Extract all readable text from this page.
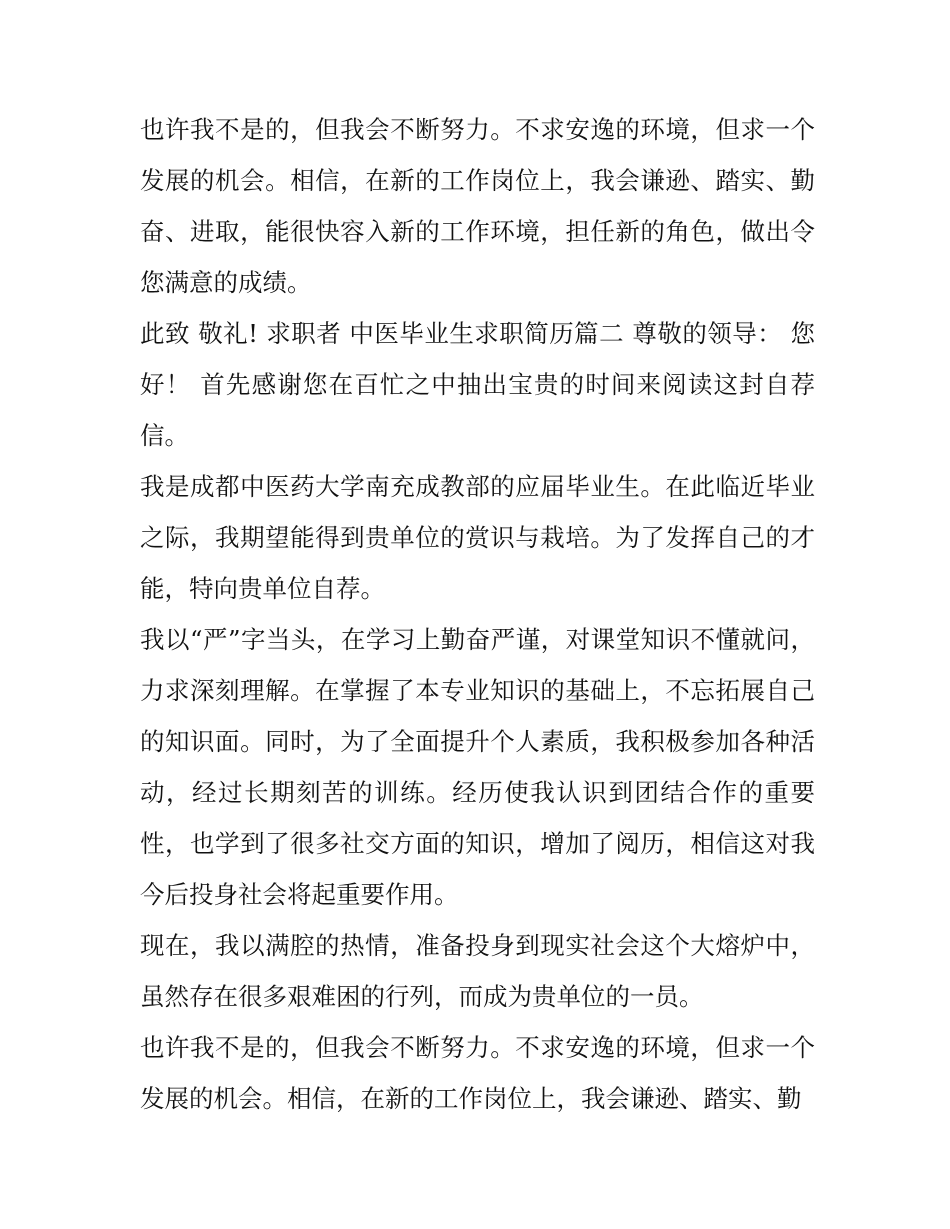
也许我不是的，但我会不断努力。不求安逸的环境，但求一个发展的机会。相信，在新的工作岗位上，我会谦逊、踏实、勤奋、进取，能很快容入新的工作环境，担任新的角色，做出令您满意的成绩。

此致 敬礼! 求职者 中医毕业生求职简历篇二 尊敬的领导： 您好！ 首先感谢您在百忙之中抽出宝贵的时间来阅读这封自荐信。

我是成都中医药大学南充成教部的应届毕业生。在此临近毕业之际，我期望能得到贵单位的赏识与栽培。为了发挥自己的才能，特向贵单位自荐。

我以“严”字当头，在学习上勤奋严谨，对课堂知识不懂就问，力求深刻理解。在掌握了本专业知识的基础上，不忘拓展自己的知识面。同时，为了全面提升个人素质，我积极参加各种活动，经过长期刻苦的训练。经历使我认识到团结合作的重要性，也学到了很多社交方面的知识，增加了阅历，相信这对我今后投身社会将起重要作用。

现在，我以满腔的热情，准备投身到现实社会这个大熔炉中，虽然存在很多艰难困的行列，而成为贵单位的一员。

也许我不是的，但我会不断努力。不求安逸的环境，但求一个发展的机会。相信，在新的工作岗位上，我会谦逊、踏实、勤
